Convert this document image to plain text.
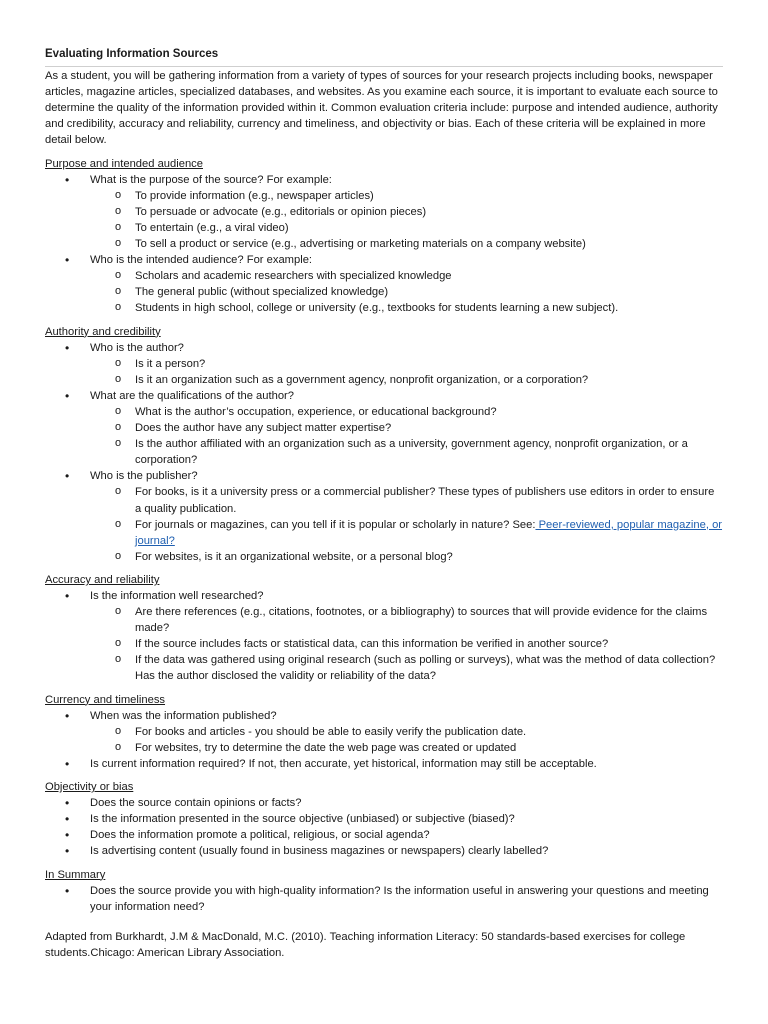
Evaluating Information Sources

As a student, you will be gathering information from a variety of types of sources for your research projects including books, newspaper articles, magazine articles, specialized databases, and websites. As you examine each source, it is important to evaluate each source to determine the quality of the information provided within it. Common evaluation criteria include: purpose and intended audience, authority and credibility, accuracy and reliability, currency and timeliness, and objectivity or bias. Each of these criteria will be explained in more detail below.

Purpose and intended audience
• What is the purpose of the source? For example:
o To provide information (e.g., newspaper articles)
o To persuade or advocate (e.g., editorials or opinion pieces)
o To entertain (e.g., a viral video)
o To sell a product or service (e.g., advertising or marketing materials on a company website)
• Who is the intended audience? For example:
o Scholars and academic researchers with specialized knowledge
o The general public (without specialized knowledge)
o Students in high school, college or university (e.g., textbooks for students learning a new subject).
Authority and credibility
• Who is the author?
o Is it a person?
o Is it an organization such as a government agency, nonprofit organization, or a corporation?
• What are the qualifications of the author?
o What is the author’s occupation, experience, or educational background?
o Does the author have any subject matter expertise?
o Is the author affiliated with an organization such as a university, government agency, nonprofit organization, or a corporation?
• Who is the publisher?
o For books, is it a university press or a commercial publisher? These types of publishers use editors in order to ensure a quality publication.
o For journals or magazines, can you tell if it is popular or scholarly in nature? See: Peer-reviewed, popular magazine, or journal?
o For websites, is it an organizational website, or a personal blog?
Accuracy and reliability
• Is the information well researched?
o Are there references (e.g., citations, footnotes, or a bibliography) to sources that will provide evidence for the claims made?
o If the source includes facts or statistical data, can this information be verified in another source?
o If the data was gathered using original research (such as polling or surveys), what was the method of data collection? Has the author disclosed the validity or reliability of the data?
Currency and timeliness
• When was the information published?
o For books and articles - you should be able to easily verify the publication date.
o For websites, try to determine the date the web page was created or updated
• Is current information required? If not, then accurate, yet historical, information may still be acceptable.
Objectivity or bias
• Does the source contain opinions or facts?
• Is the information presented in the source objective (unbiased) or subjective (biased)?
• Does the information promote a political, religious, or social agenda?
• Is advertising content (usually found in business magazines or newspapers) clearly labelled?
In Summary
• Does the source provide you with high-quality information? Is the information useful in answering your questions and meeting your information need?

Adapted from Burkhardt, J.M & MacDonald, M.C. (2010). Teaching information Literacy: 50 standards-based exercises for college students.Chicago: American Library Association.
